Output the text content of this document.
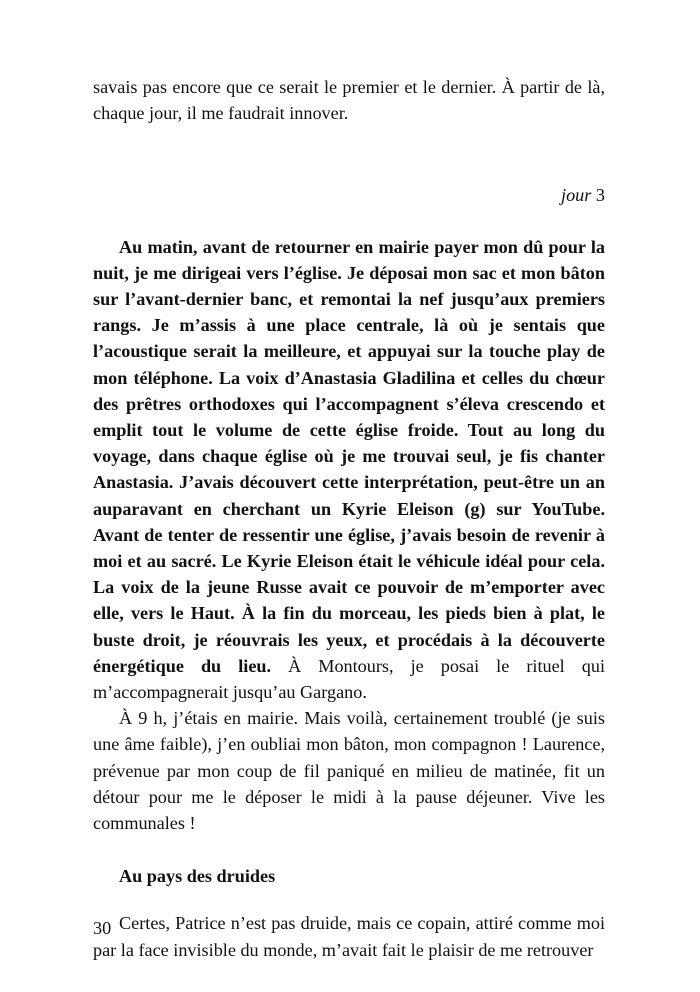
savais pas encore que ce serait le premier et le dernier. À partir de là, chaque jour, il me faudrait innover.

jour 3

Au matin, avant de retourner en mairie payer mon dû pour la nuit, je me dirigeai vers l’église. Je déposai mon sac et mon bâton sur l’avant-dernier banc, et remontai la nef jusqu’aux premiers rangs. Je m’assis à une place centrale, là où je sentais que l’acoustique serait la meilleure, et appuyai sur la touche play de mon téléphone. La voix d’Anastasia Gladilina et celles du chœur des prêtres orthodoxes qui l’accompagnent s’éleva crescendo et emplit tout le volume de cette église froide. Tout au long du voyage, dans chaque église où je me trouvai seul, je fis chanter Anastasia. J’avais découvert cette interprétation, peut-être un an auparavant en cherchant un Kyrie Eleison (g) sur YouTube. Avant de tenter de ressentir une église, j’avais besoin de revenir à moi et au sacré. Le Kyrie Eleison était le véhicule idéal pour cela. La voix de la jeune Russe avait ce pouvoir de m’emporter avec elle, vers le Haut. À la fin du morceau, les pieds bien à plat, le buste droit, je réouvrais les yeux, et procédais à la découverte énergétique du lieu. À Montours, je posai le rituel qui m’accompagnerait jusqu’au Gargano.

À 9 h, j’étais en mairie. Mais voilà, certainement troublé (je suis une âme faible), j’en oubliai mon bâton, mon compagnon ! Laurence, prévenue par mon coup de fil paniqué en milieu de matinée, fit un détour pour me le déposer le midi à la pause déjeuner. Vive les communales !

Au pays des druides

Certes, Patrice n’est pas druide, mais ce copain, attiré comme moi par la face invisible du monde, m’avait fait le plaisir de me retrouver

30
